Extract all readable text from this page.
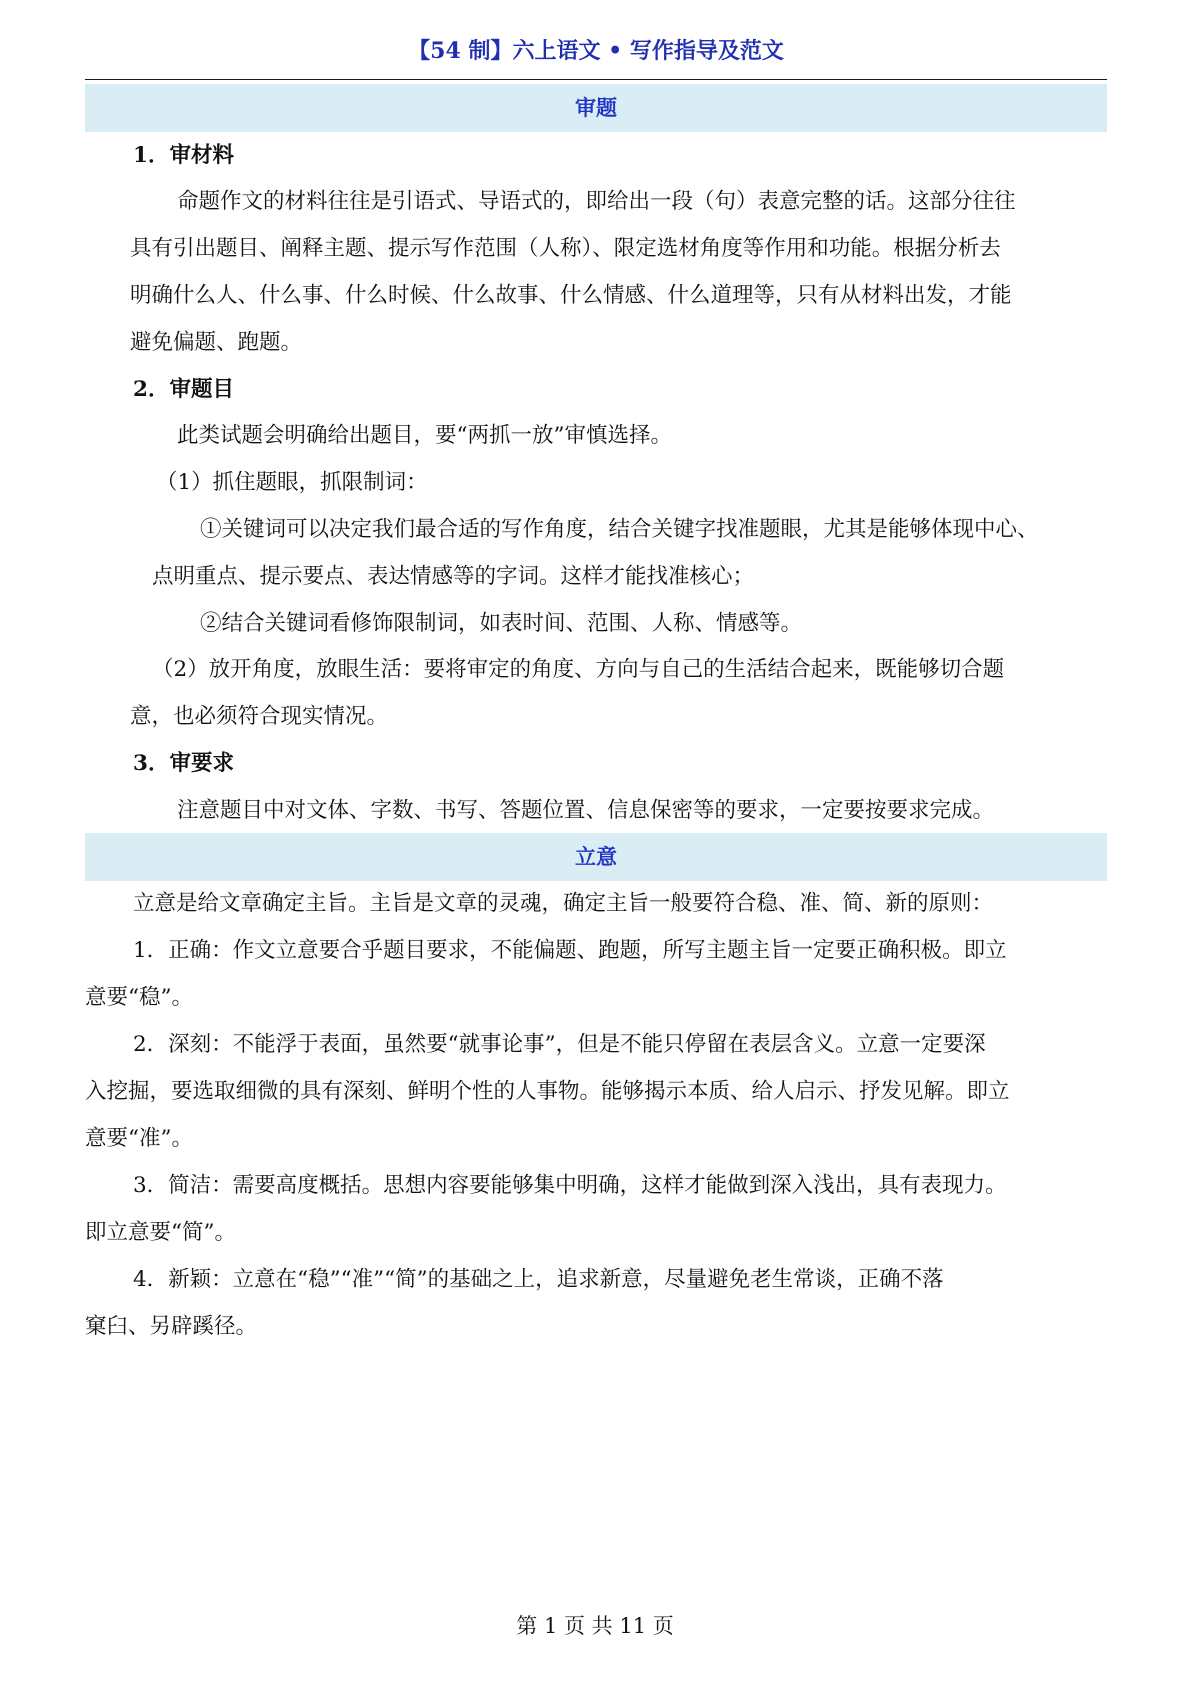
【54 制】六上语文 • 写作指导及范文
审题
1．审材料
命题作文的材料往往是引语式、导语式的，即给出一段（句）表意完整的话。这部分往往
具有引出题目、阐释主题、提示写作范围（人称）、限定选材角度等作用和功能。根据分析去
明确什么人、什么事、什么时候、什么故事、什么情感、什么道理等，只有从材料出发，才能
避免偏题、跑题。
2．审题目
此类试题会明确给出题目，要“两抓一放”审慎选择。
（1）抓住题眼，抓限制词：
①关键词可以决定我们最合适的写作角度，结合关键字找准题眼，尤其是能够体现中心、
点明重点、提示要点、表达情感等的字词。这样才能找准核心；
②结合关键词看修饰限制词，如表时间、范围、人称、情感等。
（2）放开角度，放眼生活：要将审定的角度、方向与自己的生活结合起来，既能够切合题
意，也必须符合现实情况。
3．审要求
注意题目中对文体、字数、书写、答题位置、信息保密等的要求，一定要按要求完成。
立意
立意是给文章确定主旨。主旨是文章的灵魂，确定主旨一般要符合稳、准、简、新的原则：
1．正确：作文立意要合乎题目要求，不能偏题、跑题，所写主题主旨一定要正确积极。即立
意要“稳”。
2．深刻：不能浮于表面，虽然要“就事论事”，但是不能只停留在表层含义。立意一定要深
入挖掘，要选取细微的具有深刻、鲜明个性的人事物。能够揭示本质、给人启示、抒发见解。即立
意要“准”。
3．简洁：需要高度概括。思想内容要能够集中明确，这样才能做到深入浅出，具有表现力。
即立意要“简”。
4．新颖：立意在“稳”“准”“简”的基础之上，追求新意，尽量避免老生常谈，正确不落
窠臼、另辟蹊径。
第 1 页 共 11 页
